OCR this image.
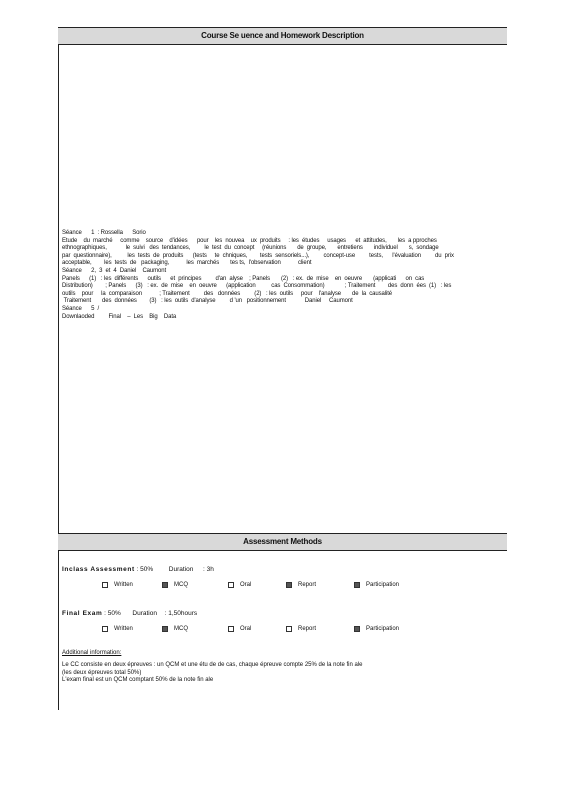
Course Se uence and Homework Description

Séance      1  : Rossella      Sorio

Etude    du  marché     comme    source    d'idées      pour    les  nouvea    ux  produits     : les  études     usages      et  attitudes,       les  a pproches

ethnographiques,            le  suivi   des  tendances,         le  test  du  concept     (réunions       de  groupe,       entretiens       individuel       s,  sondage

par  questionnaire),          les  tests  de  produits      (tests     te  chniques,        tests  sensoriels...),         concept-use         tests,      l'évaluation         du  prix

acceptable,        les  tests  de   packaging,           les  marchés       tes ts,  l'observation           client

Séance      2,  3  et  4  Daniel    Caumont

Panels      (1)   : les  différents      outils      et  principes         d'an  alyse    ; Panels       (2)   : ex.  de  mise    en  oeuvre       (applicati      on  cas

Distribution)        ; Panels      (3)   : ex.  de  mise    en  oeuvre      (application          cas  Consommation)             ; Traitement        des  donn  ées  (1)   : les

outils    pour     la  comparaison           ; Traitement         des   données         (2)   : les  outils     pour    l'analyse       de  la  causalité

Traitement       des  données        (3)   : les  outils  d'analyse         d 'un   positionnement            Daniel     Caumont

Séance      5  /

Downlaoded         Final    –  Les    Big    Data

Assessment Methods
Inclass Assessment : 50% Duration  : 3h
Written	MCQ	Oral	Report	Participation
Final Exam : 50% Duration  : 1,50hours
Written	MCQ	Oral	Report	Participation
Additional information:

Le CC consiste en deux épreuves : un QCM et une étu de de cas, chaque épreuve compte 25% de la note fin ale

(les deux épreuves total 50%)

L'exam final est un QCM comptant 50% de la note fin ale
